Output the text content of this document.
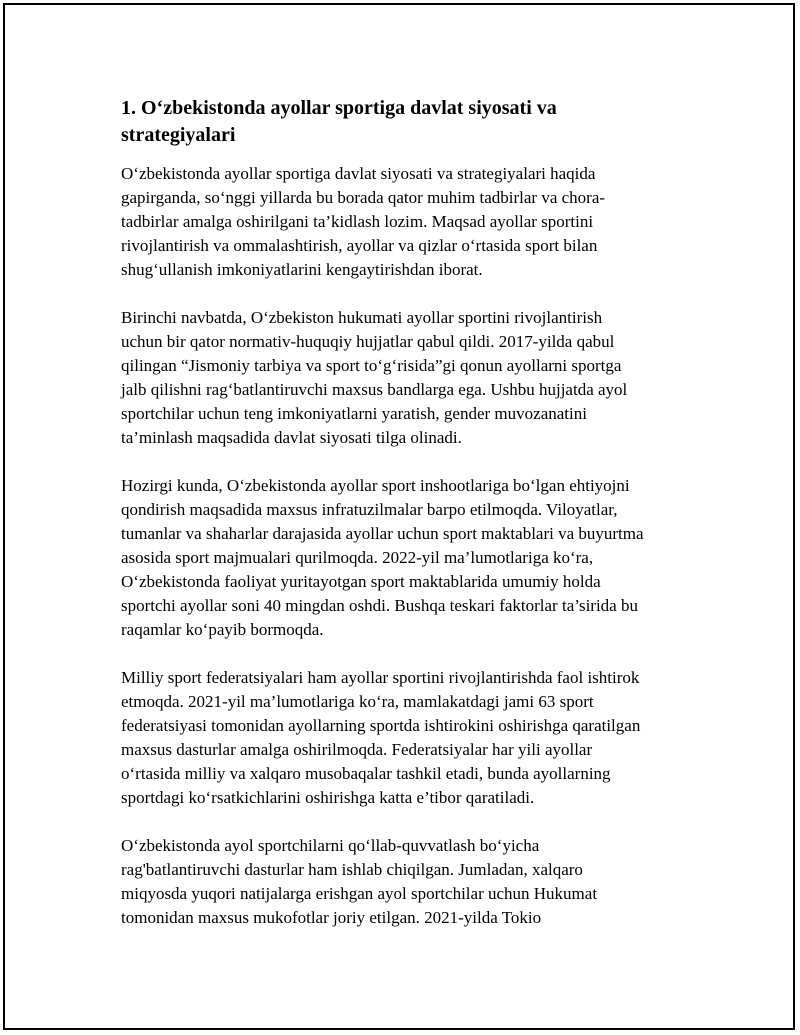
1. O‘zbekistonda ayollar sportiga davlat siyosati va
strategiyalari

O‘zbekistonda ayollar sportiga davlat siyosati va strategiyalari haqida
gapirganda, so‘nggi yillarda bu borada qator muhim tadbirlar va chora-
tadbirlar amalga oshirilgani ta’kidlash lozim. Maqsad ayollar sportini
rivojlantirish va ommalashtirish, ayollar va qizlar o‘rtasida sport bilan
shug‘ullanish imkoniyatlarini kengaytirishdan iborat.

Birinchi navbatda, O‘zbekiston hukumati ayollar sportini rivojlantirish
uchun bir qator normativ-huquqiy hujjatlar qabul qildi. 2017-yilda qabul
qilingan “Jismoniy tarbiya va sport to‘g‘risida”gi qonun ayollarni sportga
jalb qilishni rag‘batlantiruvchi maxsus bandlarga ega. Ushbu hujjatda ayol
sportchilar uchun teng imkoniyatlarni yaratish, gender muvozanatini
ta’minlash maqsadida davlat siyosati tilga olinadi.

Hozirgi kunda, O‘zbekistonda ayollar sport inshootlariga bo‘lgan ehtiyojni
qondirish maqsadida maxsus infratuzilmalar barpo etilmoqda. Viloyatlar,
tumanlar va shaharlar darajasida ayollar uchun sport maktablari va buyurtma
asosida sport majmualari qurilmoqda. 2022-yil ma’lumotlariga ko‘ra,
O‘zbekistonda faoliyat yuritayotgan sport maktablarida umumiy holda
sportchi ayollar soni 40 mingdan oshdi. Bushqa teskari faktorlar ta’sirida bu
raqamlar ko‘payib bormoqda.

Milliy sport federatsiyalari ham ayollar sportini rivojlantirishda faol ishtirok
etmoqda. 2021-yil ma’lumotlariga ko‘ra, mamlakatdagi jami 63 sport
federatsiyasi tomonidan ayollarning sportda ishtirokini oshirishga qaratilgan
maxsus dasturlar amalga oshirilmoqda. Federatsiyalar har yili ayollar
o‘rtasida milliy va xalqaro musobaqalar tashkil etadi, bunda ayollarning
sportdagi ko‘rsatkichlarini oshirishga katta e’tibor qaratiladi.

O‘zbekistonda ayol sportchilarni qo‘llab-quvvatlash bo‘yicha
rag'batlantiruvchi dasturlar ham ishlab chiqilgan. Jumladan, xalqaro
miqyosda yuqori natijalarga erishgan ayol sportchilar uchun Hukumat
tomonidan maxsus mukofotlar joriy etilgan. 2021-yilda Tokio
